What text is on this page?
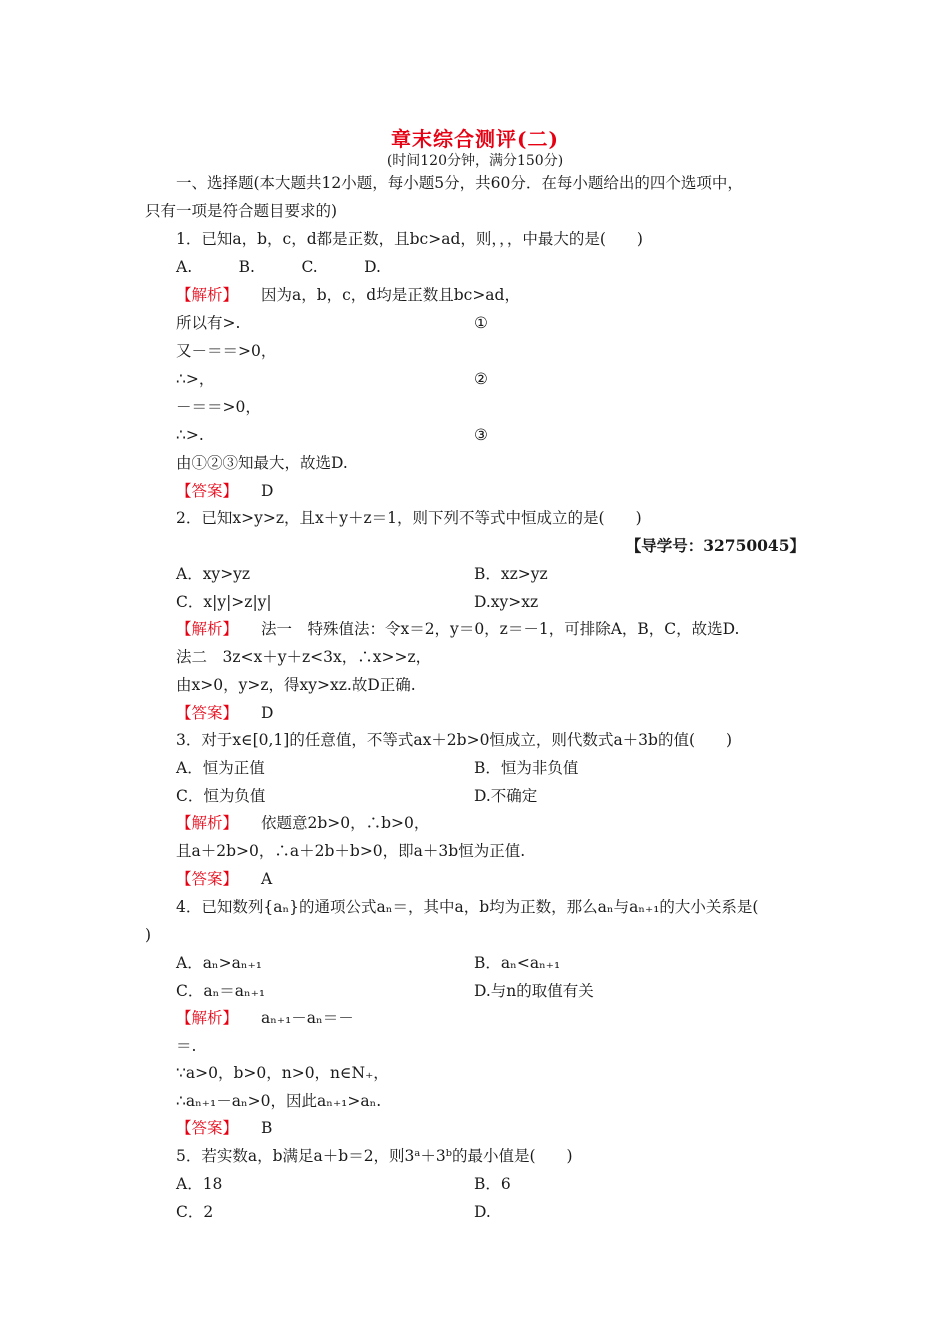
章末综合测评(二)
(时间120分钟，满分150分)
一、选择题(本大题共12小题，每小题5分，共60分．在每小题给出的四个选项中，
只有一项是符合题目要求的)
1．已知a，b，c，d都是正数，且bc>ad，则，，，中最大的是(　　)
A.　　　B.　　　C.　　　D.
【解析】 因为a，b，c，d均是正数且bc>ad，
所以有>.	①
又－＝＝>0，
∴>，	②
－＝＝>0，
∴>.	③
由①②③知最大，故选D.
【答案】 D
2．已知x>y>z，且x＋y＋z＝1，则下列不等式中恒成立的是(　　)
【导学号：32750045】
A．xy>yz	B．xz>yz
C．x|y|>z|y|	D.xy>xz
【解析】 法一　特殊值法：令x＝2，y＝0，z＝－1，可排除A，B，C，故选D.
法二　3z<x＋y＋z<3x，∴x>>z，
由x>0，y>z，得xy>xz.故D正确.
【答案】 D
3．对于x∈[0,1]的任意值，不等式ax＋2b>0恒成立，则代数式a＋3b的值(　　)
A．恒为正值	B．恒为非负值
C．恒为负值	D.不确定
【解析】 依题意2b>0，∴b>0，
且a＋2b>0，∴a＋2b＋b>0，即a＋3b恒为正值.
【答案】 A
4．已知数列{aₙ}的通项公式aₙ＝，其中a，b均为正数，那么aₙ与aₙ₊₁的大小关系是(
)
A．aₙ>aₙ₊₁	B．aₙ<aₙ₊₁
C．aₙ＝aₙ₊₁	D.与n的取值有关
【解析】 aₙ₊₁－aₙ＝－
＝.
∵a>0，b>0，n>0，n∈N₊，
∴aₙ₊₁－aₙ>0，因此aₙ₊₁>aₙ.
【答案】 B
5．若实数a，b满足a＋b＝2，则3ᵃ＋3ᵇ的最小值是(　　)
A．18	B．6
C．2	D.
